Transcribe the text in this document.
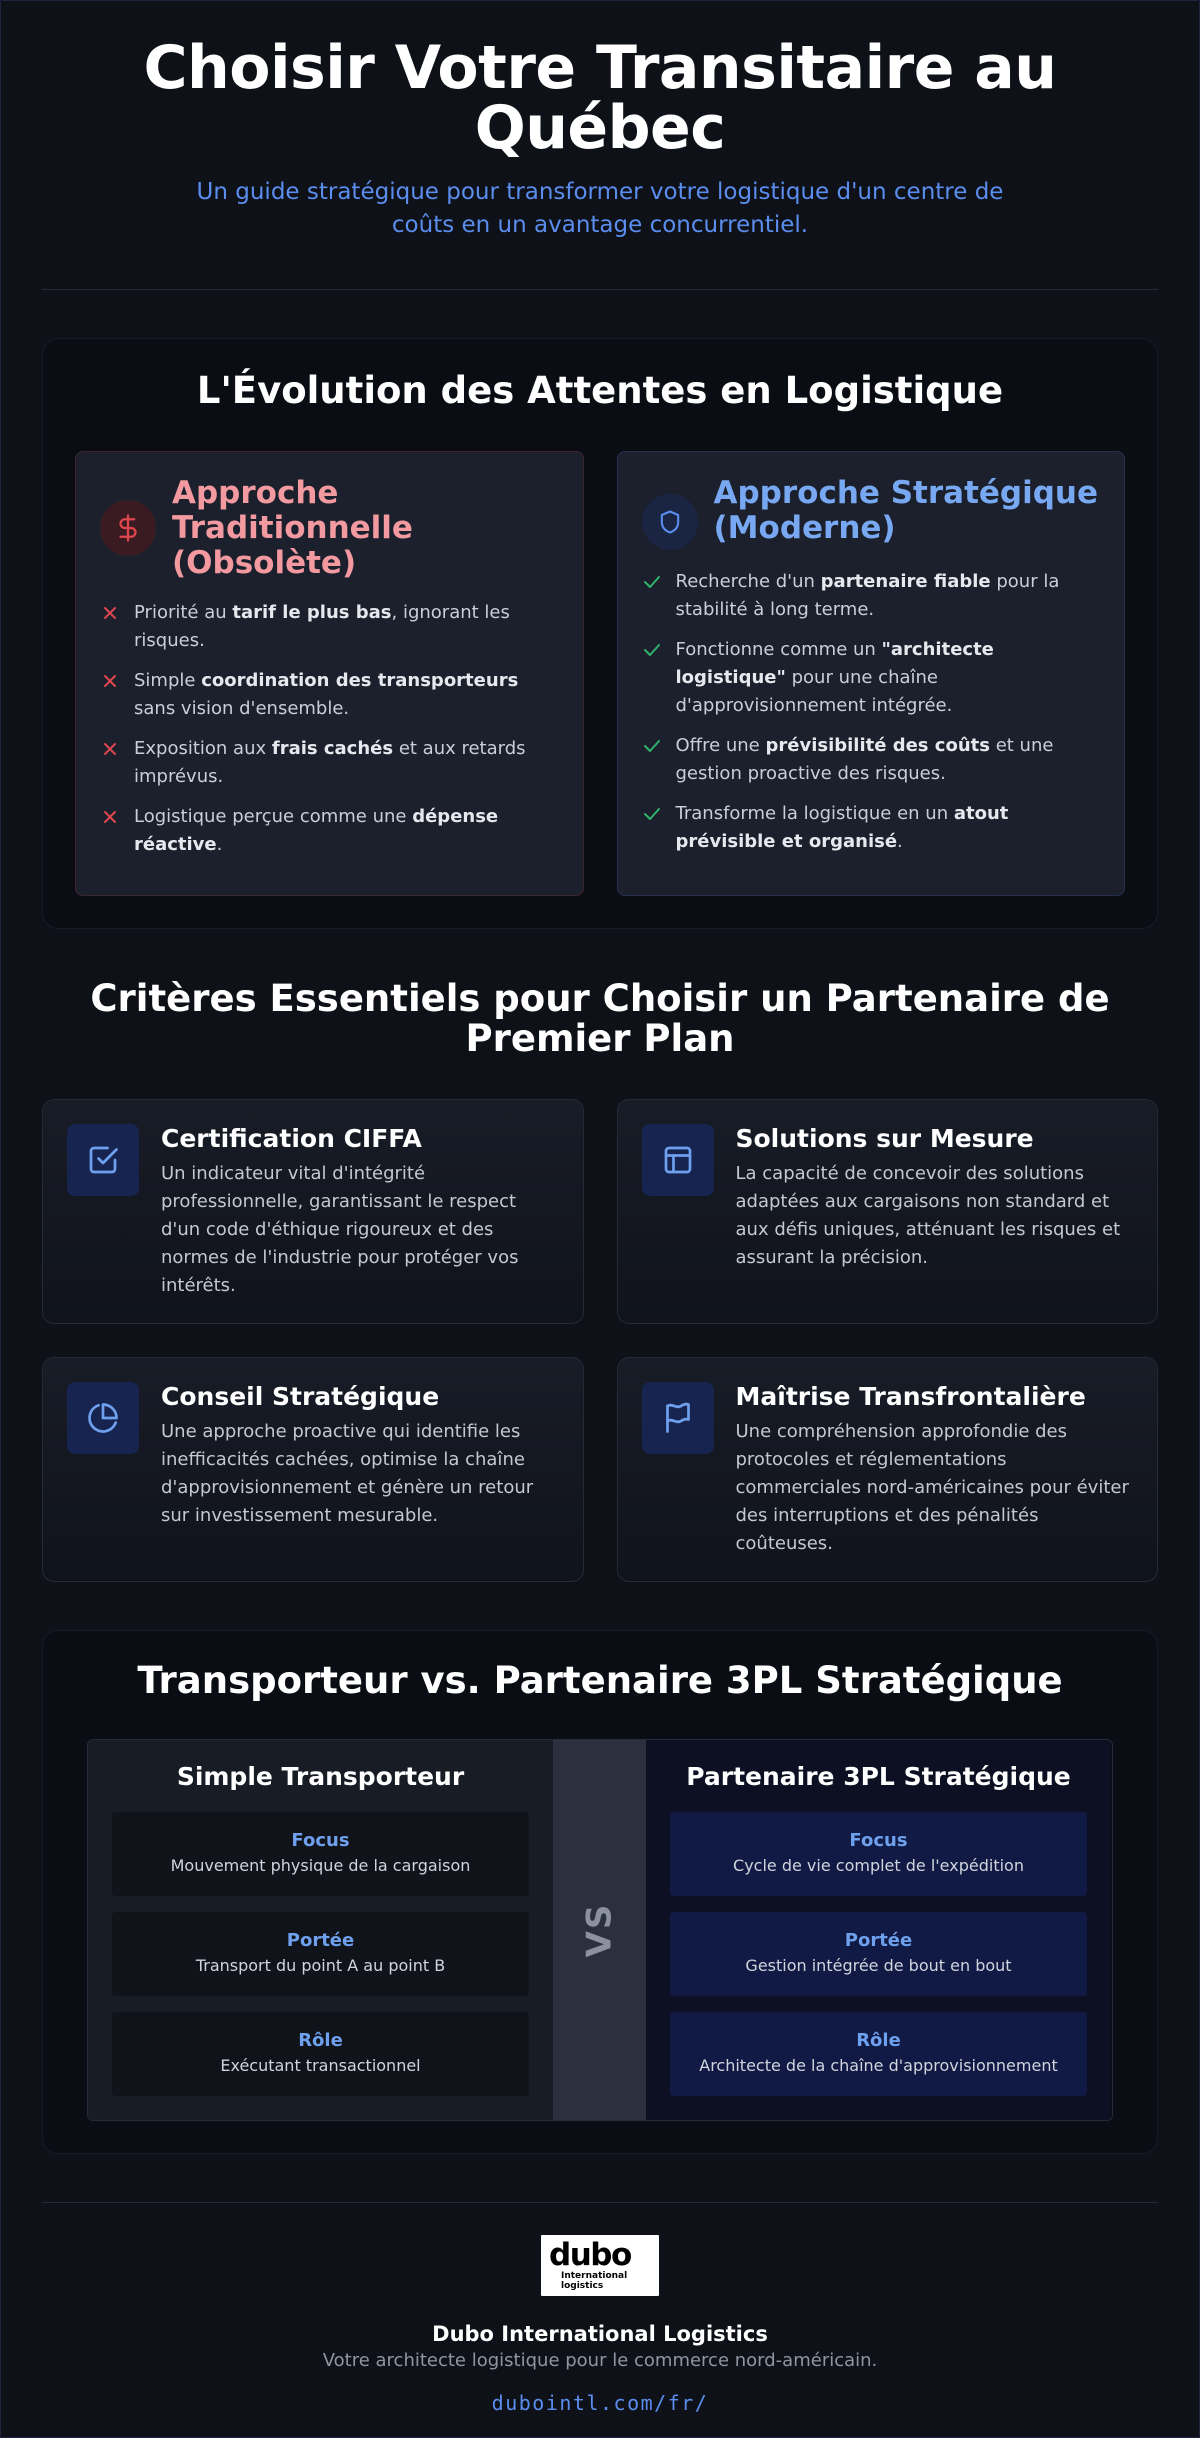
Choisir Votre Transitaire au Québec

Un guide stratégique pour transformer votre logistique d'un centre de coûts en un avantage concurrentiel.

L'Évolution des Attentes en Logistique
Approche Traditionnelle (Obsolète)
Priorité au tarif le plus bas, ignorant les risques.
Simple coordination des transporteurs sans vision d'ensemble.
Exposition aux frais cachés et aux retards imprévus.
Logistique perçue comme une dépense réactive.
Approche Stratégique (Moderne)
Recherche d'un partenaire fiable pour la stabilité à long terme.
Fonctionne comme un "architecte logistique" pour une chaîne d'approvisionnement intégrée.
Offre une prévisibilité des coûts et une gestion proactive des risques.
Transforme la logistique en un atout prévisible et organisé.
Critères Essentiels pour Choisir un Partenaire de Premier Plan
Certification CIFFA

Un indicateur vital d'intégrité professionnelle, garantissant le respect d'un code d'éthique rigoureux et des normes de l'industrie pour protéger vos intérêts.

Solutions sur Mesure

La capacité de concevoir des solutions adaptées aux cargaisons non standard et aux défis uniques, atténuant les risques et assurant la précision.

Conseil Stratégique

Une approche proactive qui identifie les inefficacités cachées, optimise la chaîne d'approvisionnement et génère un retour sur investissement mesurable.

Maîtrise Transfrontalière

Une compréhension approfondie des protocoles et réglementations commerciales nord-américaines pour éviter des interruptions et des pénalités coûteuses.

Transporteur vs. Partenaire 3PL Stratégique
Simple Transporteur
Focus
Mouvement physique de la cargaison
Portée
Transport du point A au point B
Rôle
Exécutant transactionnel
VS
Partenaire 3PL Stratégique
Focus
Cycle de vie complet de l'expédition
Portée
Gestion intégrée de bout en bout
Rôle
Architecte de la chaîne d'approvisionnement
dubo
International
logistics
Dubo International Logistics
Votre architecte logistique pour le commerce nord-américain.
dubointl.com/fr/
